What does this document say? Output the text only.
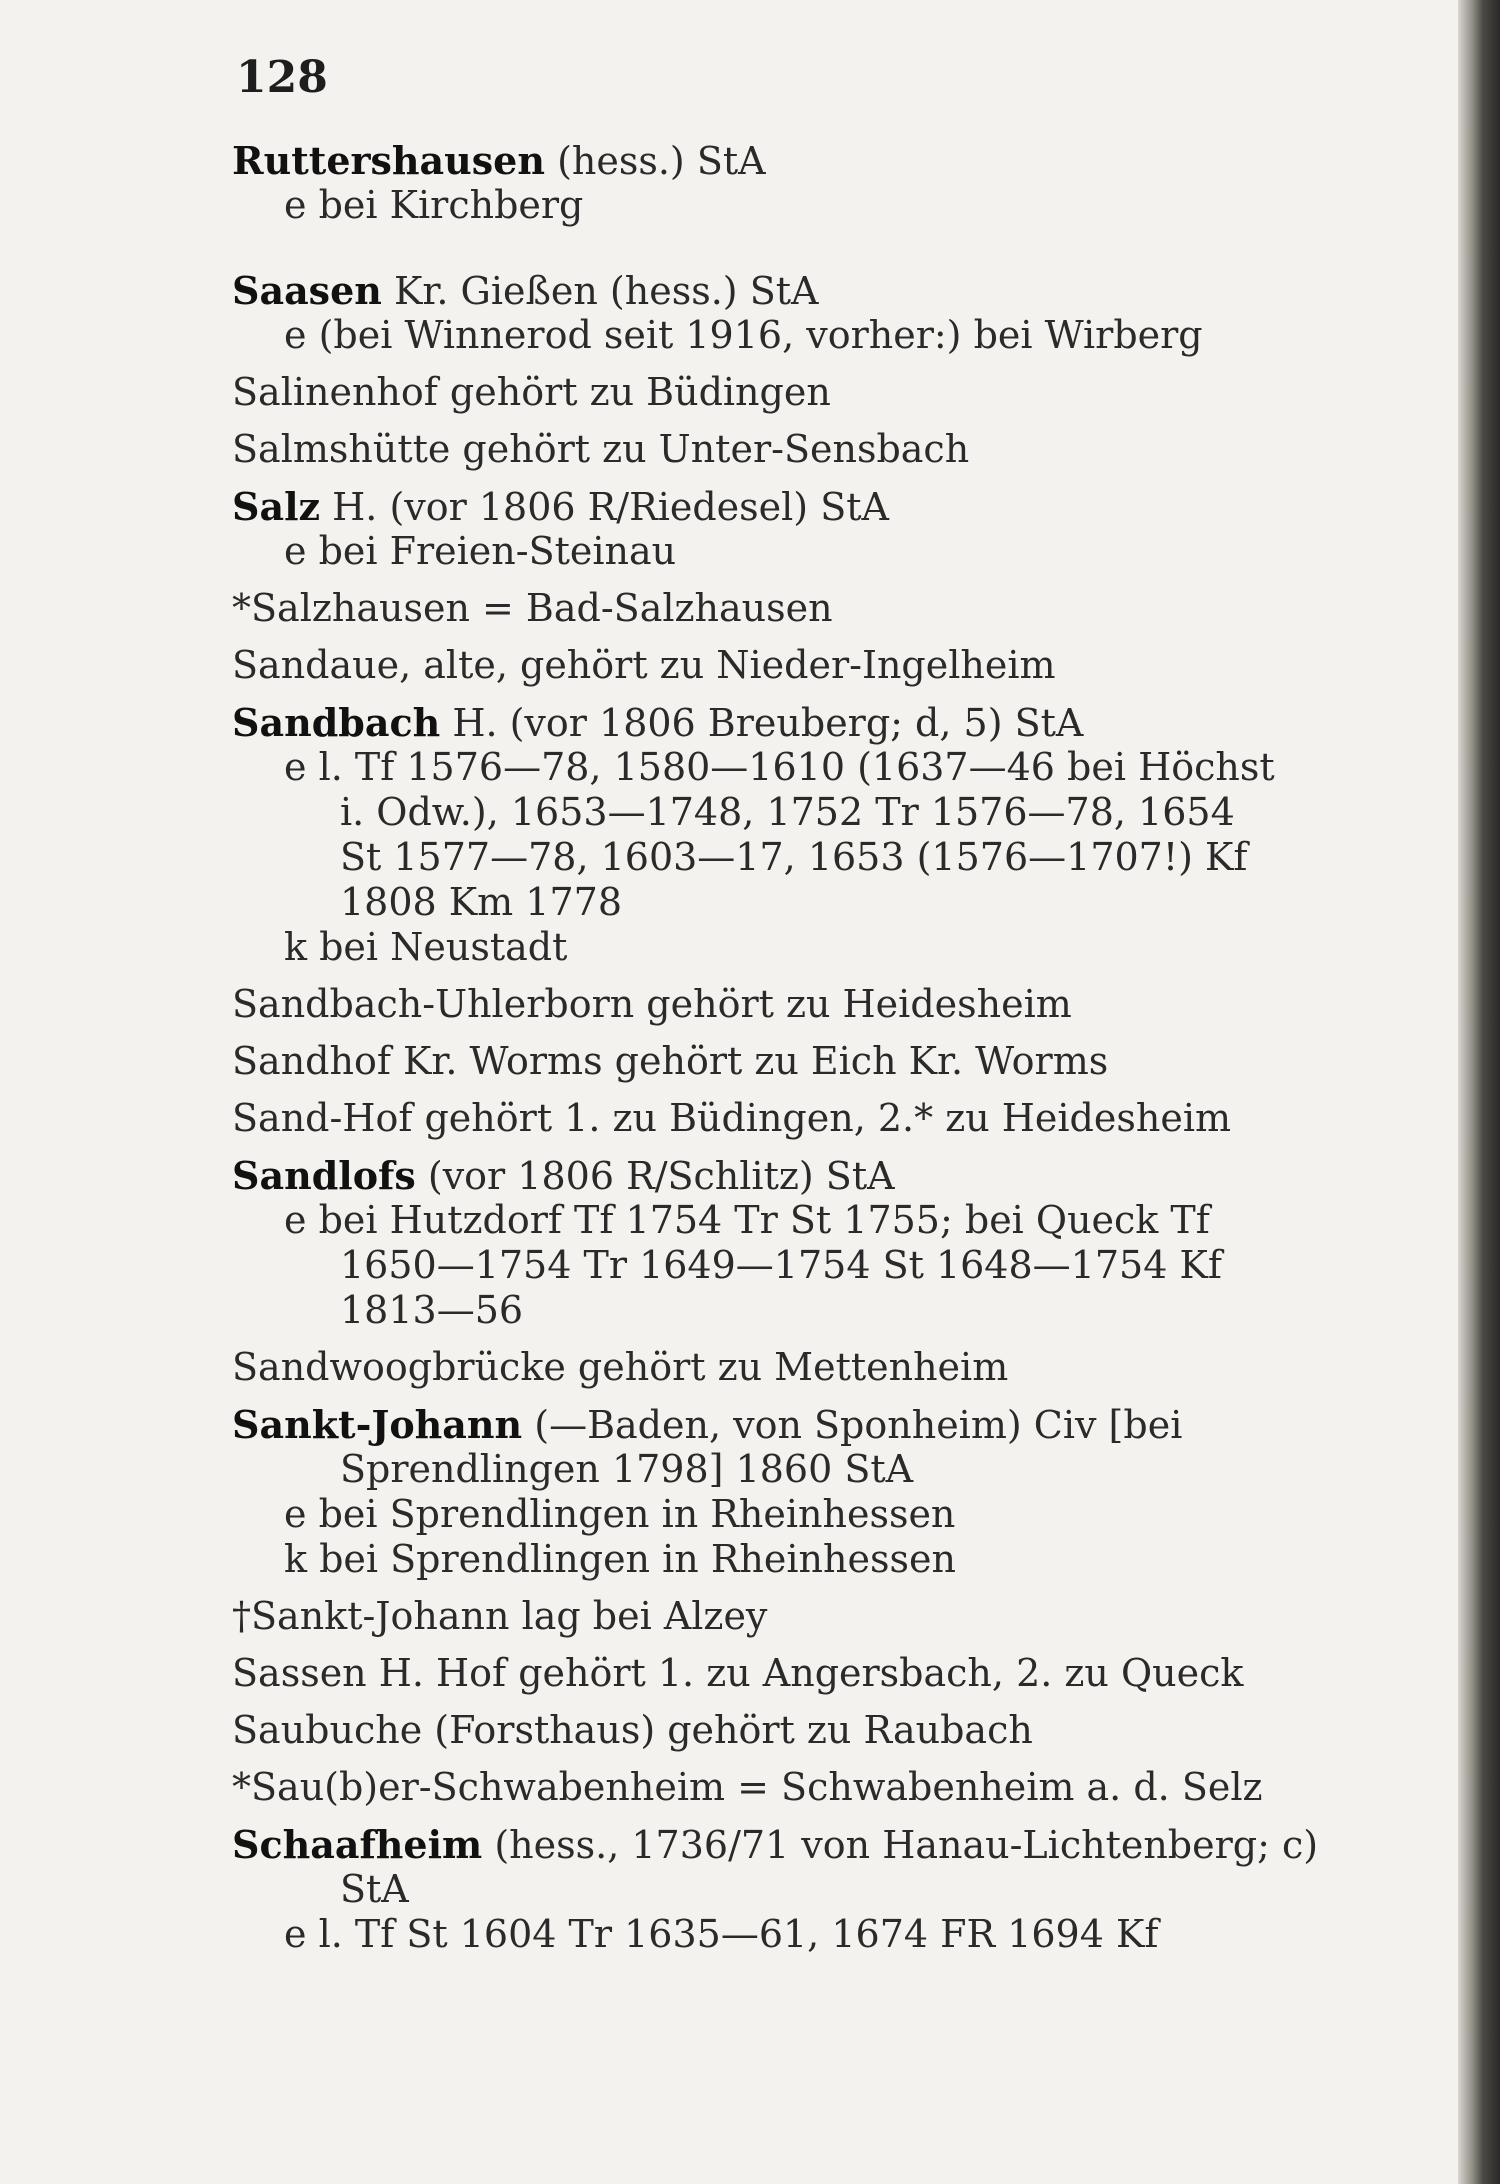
128
Ruttershausen (hess.) StA
e bei Kirchberg
Saasen Kr. Gießen (hess.) StA
e (bei Winnerod seit 1916, vorher:) bei Wirberg
Salinenhof gehört zu Büdingen
Salmshütte gehört zu Unter-Sensbach
Salz H. (vor 1806 R/Riedesel) StA
e bei Freien-Steinau
*Salzhausen = Bad-Salzhausen
Sandaue, alte, gehört zu Nieder-Ingelheim
Sandbach H. (vor 1806 Breuberg; d, 5) StA
e l. Tf 1576—78, 1580—1610 (1637—46 bei Höchst
i. Odw.), 1653—1748, 1752 Tr 1576—78, 1654
St 1577—78, 1603—17, 1653 (1576—1707!) Kf
1808 Km 1778
k bei Neustadt
Sandbach-Uhlerborn gehört zu Heidesheim
Sandhof Kr. Worms gehört zu Eich Kr. Worms
Sand-Hof gehört 1. zu Büdingen, 2.* zu Heidesheim
Sandlofs (vor 1806 R/Schlitz) StA
e bei Hutzdorf Tf 1754 Tr St 1755; bei Queck Tf
1650—1754 Tr 1649—1754 St 1648—1754 Kf
1813—56
Sandwoogbrücke gehört zu Mettenheim
Sankt-Johann (—Baden, von Sponheim) Civ [bei
Sprendlingen 1798] 1860 StA
e bei Sprendlingen in Rheinhessen
k bei Sprendlingen in Rheinhessen
†Sankt-Johann lag bei Alzey
Sassen H. Hof gehört 1. zu Angersbach, 2. zu Queck
Saubuche (Forsthaus) gehört zu Raubach
*Sau(b)er-Schwabenheim = Schwabenheim a. d. Selz
Schaafheim (hess., 1736/71 von Hanau-Lichtenberg; c)
StA
e l. Tf St 1604 Tr 1635—61, 1674 FR 1694 Kf
